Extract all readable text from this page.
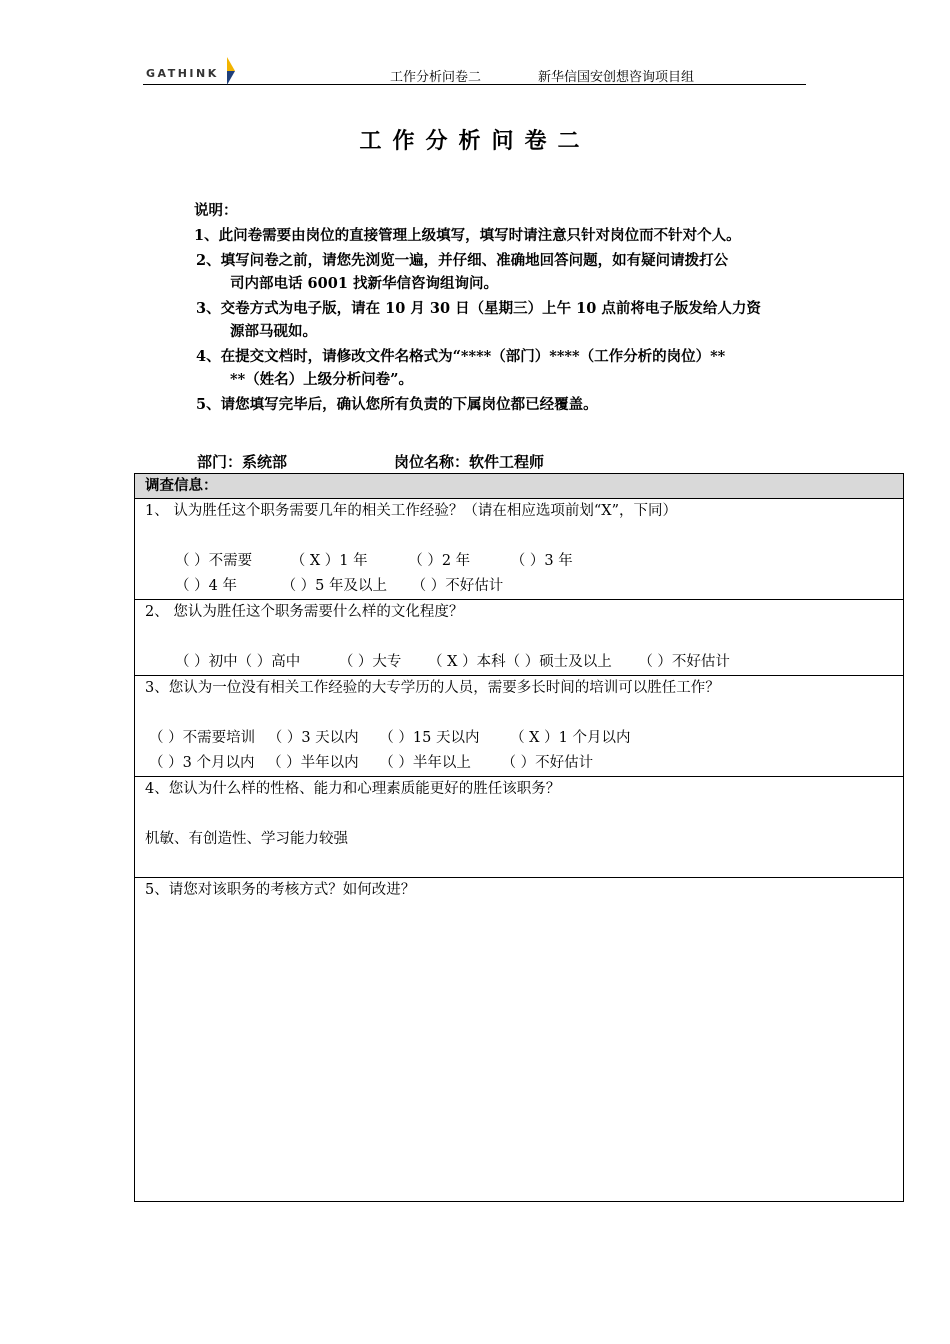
GATHINK	工作分析问卷二	新华信国安创想咨询项目组
工作分析问卷二
说明：
1、此问卷需要由岗位的直接管理上级填写，填写时请注意只针对岗位而不针对个人。
2、填写问卷之前，请您先浏览一遍，并仔细、准确地回答问题，如有疑问请拨打公
司内部电话 6001 找新华信咨询组询问。
3、交卷方式为电子版，请在 10 月 30 日（星期三）上午 10 点前将电子版发给人力资
源部马砚如。
4、在提交文档时，请修改文件名格式为“****（部门）****（工作分析的岗位）**
**（姓名）上级分析问卷”。
5、请您填写完毕后，确认您所有负责的下属岗位都已经覆盖。
部门：系统部	岗位名称：软件工程师
调查信息：

1、 认为胜任这个职务需要几年的相关工作经验？（请在相应选项前划“X”，下同）
（ ）不需要	（ X ）1 年	（ ）2 年	（ ）3 年
（ ）4 年	（ ）5 年及以上 （ ）不好估计

2、 您认为胜任这个职务需要什么样的文化程度？
（ ）初中（ ）高中	（ ）大专 （ X ）本科（ ）硕士及以上 （ ）不好估计

3、您认为一位没有相关工作经验的大专学历的人员，需要多长时间的培训可以胜任工作？
（ ）不需要培训 （ ）3 天以内 （ ）15 天以内 （ X ）1 个月以内
（ ）3 个月以内 （ ）半年以内 （ ）半年以上 （ ）不好估计

4、您认为什么样的性格、能力和心理素质能更好的胜任该职务？
机敏、有创造性、学习能力较强

5、请您对该职务的考核方式？如何改进？
